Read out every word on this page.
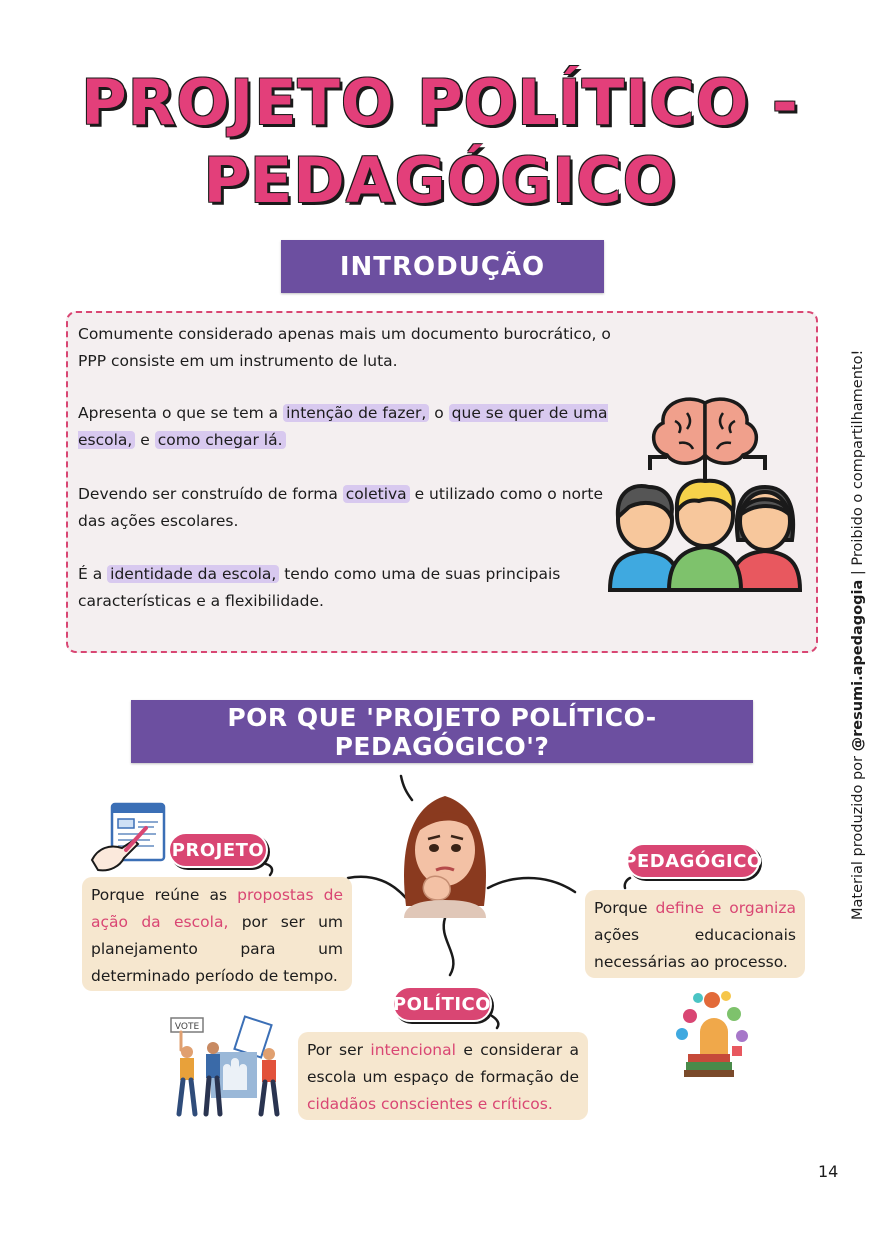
PROJETO POLÍTICO -
PEDAGÓGICO
INTRODUÇÃO
Comumente considerado apenas mais um documento burocrático, o PPP consiste em um instrumento de luta.
Apresenta o que se tem a intenção de fazer, o que se quer de uma escola, e como chegar lá.
Devendo ser construído de forma coletiva e utilizado como o norte das ações escolares.
É a identidade da escola, tendo como uma de suas principais características e a flexibilidade.
POR QUE 'PROJETO POLÍTICO-PEDAGÓGICO'?
PROJETO
Porque reúne as propostas de ação da escola, por ser um planejamento para um determinado período de tempo.
PEDAGÓGICO
Porque define e organiza ações educacionais necessárias ao processo.
POLÍTICO
Por ser intencional e considerar a escola um espaço de formação de cidadãos conscientes e críticos.
VOTE
Material produzido por @resumi.apedagogia | Proibido o compartilhamento!
14
